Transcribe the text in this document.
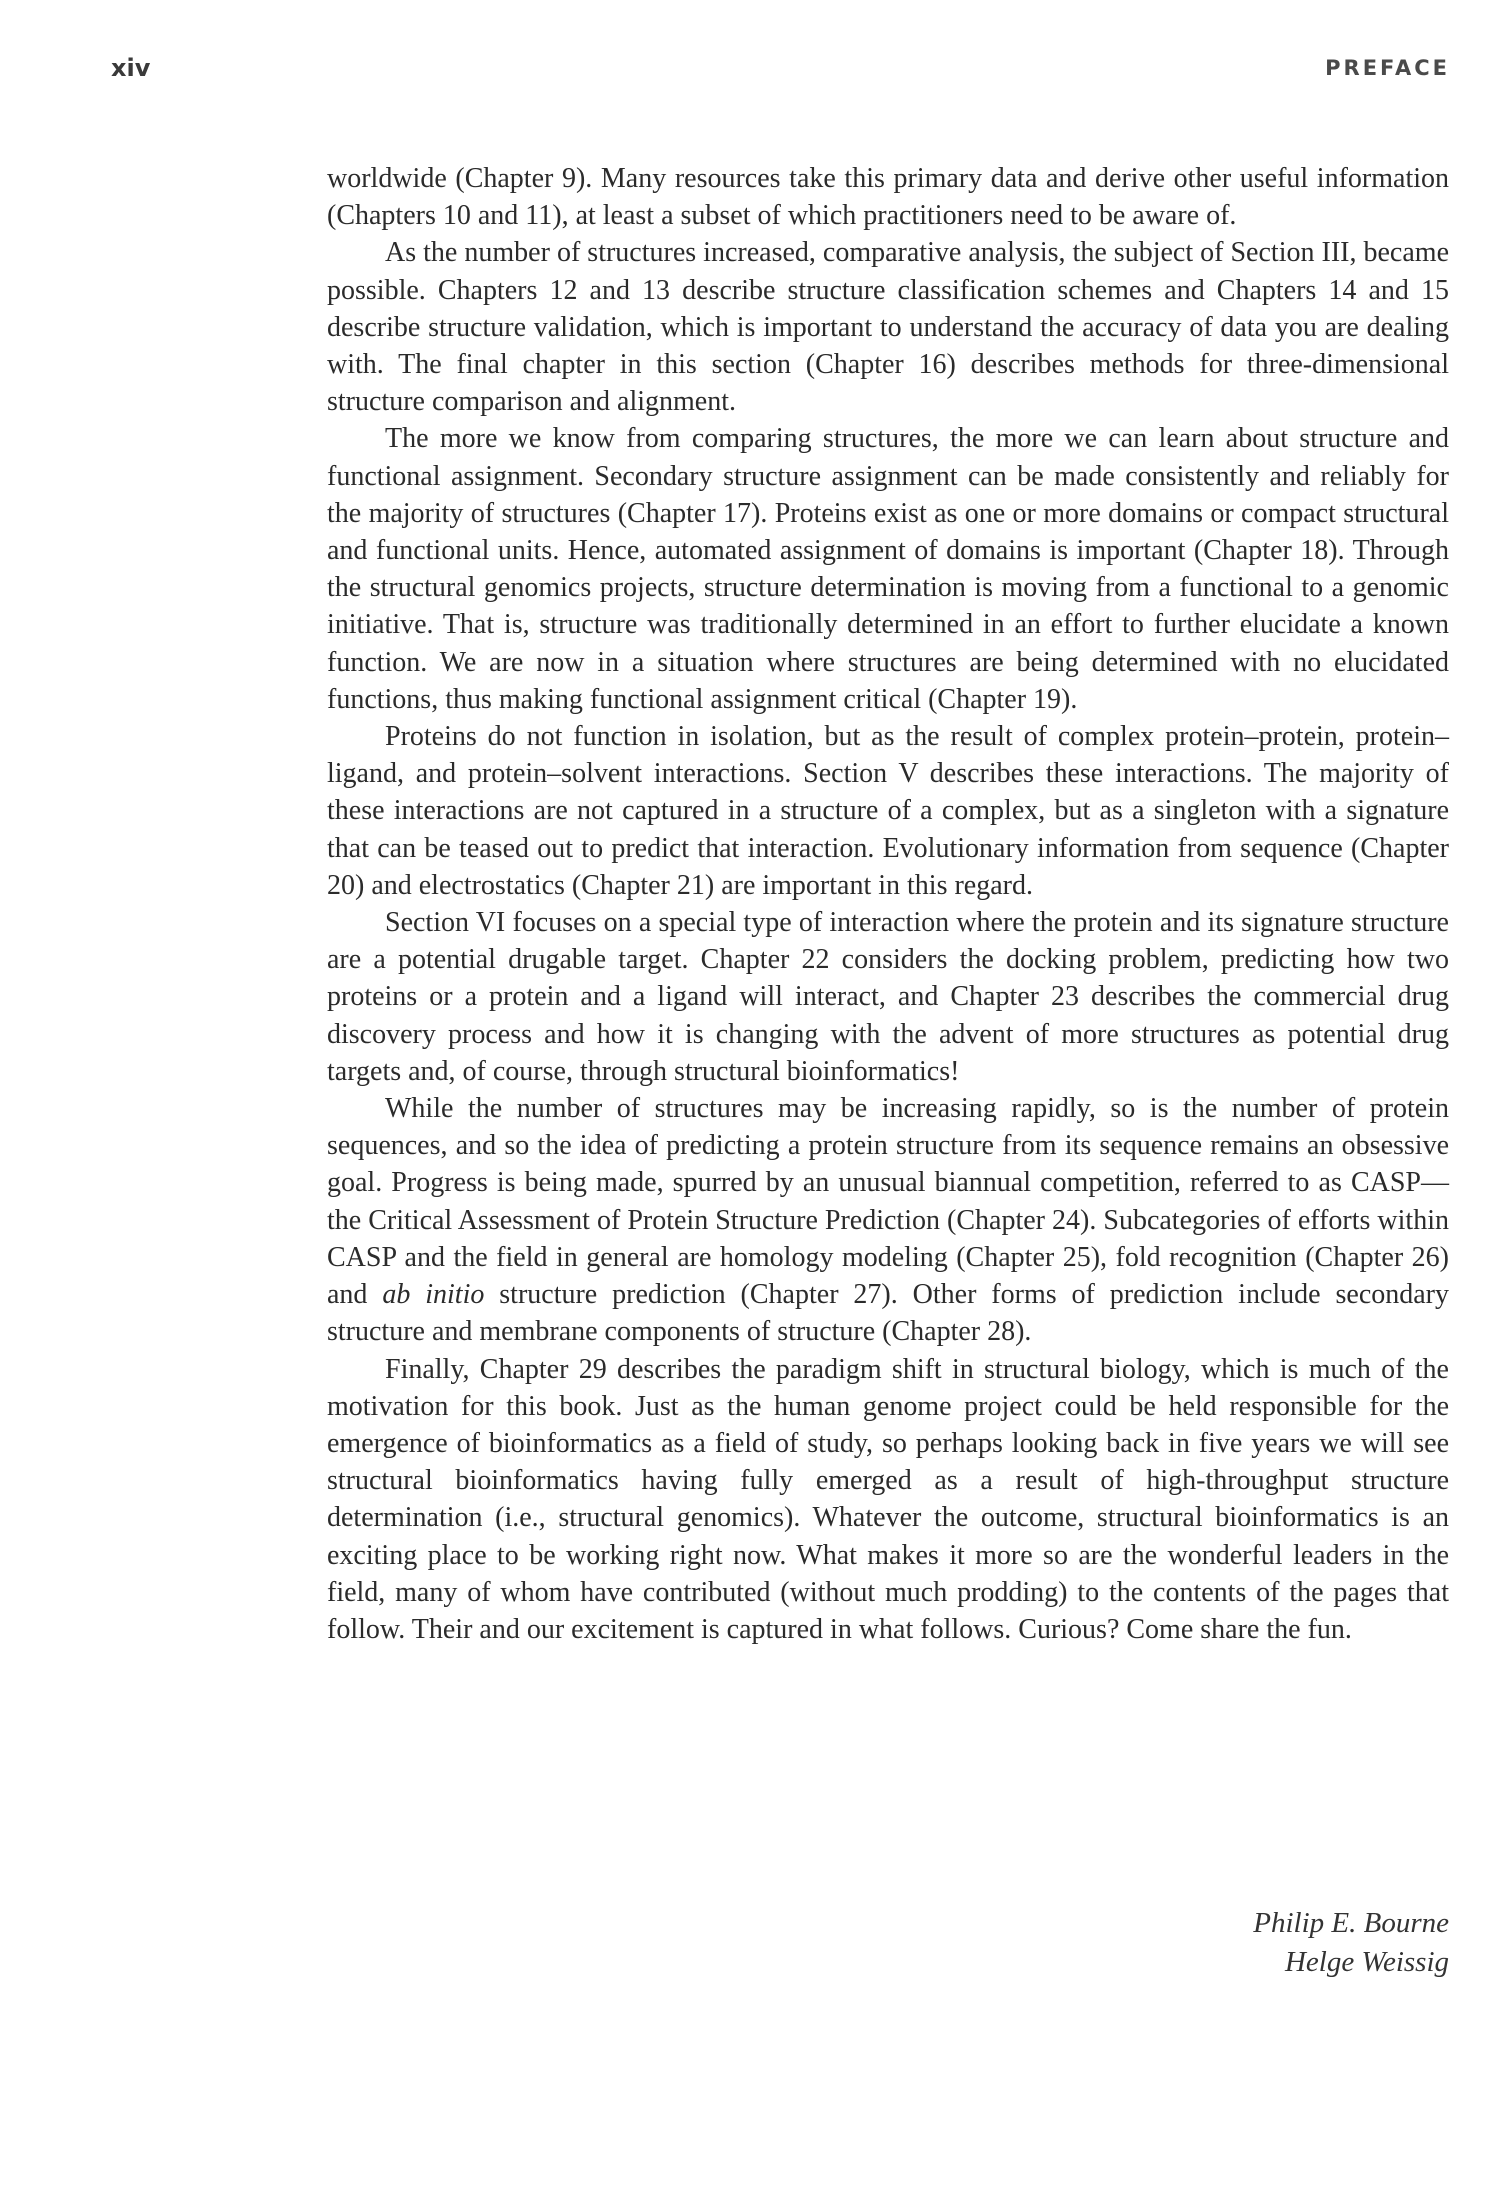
xiv	PREFACE

worldwide (Chapter 9). Many resources take this primary data and derive other useful information (Chapters 10 and 11), at least a subset of which practitioners need to be aware of.

As the number of structures increased, comparative analysis, the subject of Section III, became possible. Chapters 12 and 13 describe structure classification schemes and Chapters 14 and 15 describe structure validation, which is important to understand the accuracy of data you are dealing with. The final chapter in this section (Chapter 16) describes methods for three-dimensional structure comparison and alignment.

The more we know from comparing structures, the more we can learn about structure and functional assignment. Secondary structure assignment can be made consistently and reliably for the majority of structures (Chapter 17). Proteins exist as one or more domains or compact structural and functional units. Hence, automated assignment of domains is important (Chapter 18). Through the structural genomics projects, structure determination is moving from a functional to a genomic initiative. That is, structure was traditionally determined in an effort to further elucidate a known function. We are now in a situation where structures are being determined with no elucidated functions, thus making functional assignment critical (Chapter 19).

Proteins do not function in isolation, but as the result of complex protein–protein, protein–ligand, and protein–solvent interactions. Section V describes these interactions. The majority of these interactions are not captured in a structure of a complex, but as a singleton with a signature that can be teased out to predict that interaction. Evolutionary information from sequence (Chapter 20) and electrostatics (Chapter 21) are important in this regard.

Section VI focuses on a special type of interaction where the protein and its signature structure are a potential drugable target. Chapter 22 considers the docking problem, predicting how two proteins or a protein and a ligand will interact, and Chapter 23 describes the commercial drug discovery process and how it is changing with the advent of more structures as potential drug targets and, of course, through structural bioinformatics!

While the number of structures may be increasing rapidly, so is the number of protein sequences, and so the idea of predicting a protein structure from its sequence remains an obsessive goal. Progress is being made, spurred by an unusual biannual competition, referred to as CASP—the Critical Assessment of Protein Structure Prediction (Chapter 24). Subcategories of efforts within CASP and the field in general are homology modeling (Chapter 25), fold recognition (Chapter 26) and ab initio structure prediction (Chapter 27). Other forms of prediction include secondary structure and membrane components of structure (Chapter 28).

Finally, Chapter 29 describes the paradigm shift in structural biology, which is much of the motivation for this book. Just as the human genome project could be held responsible for the emergence of bioinformatics as a field of study, so perhaps looking back in five years we will see structural bioinformatics having fully emerged as a result of high-throughput structure determination (i.e., structural genomics). Whatever the outcome, structural bioinformatics is an exciting place to be working right now. What makes it more so are the wonderful leaders in the field, many of whom have contributed (without much prodding) to the contents of the pages that follow. Their and our excitement is captured in what follows. Curious? Come share the fun.

Philip E. Bourne
Helge Weissig
